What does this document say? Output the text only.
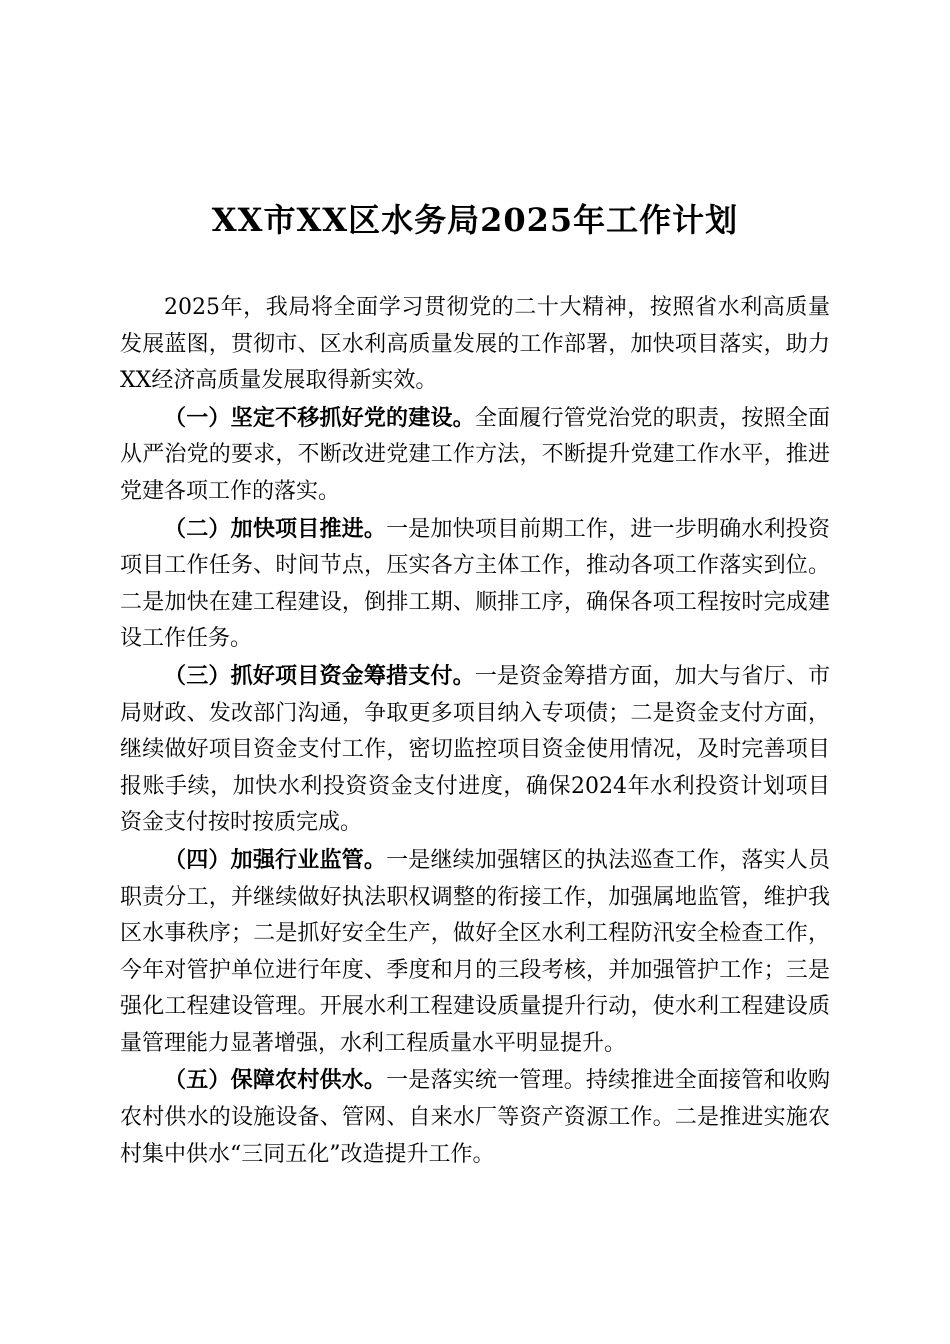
XX市XX区水务局2025年工作计划

2025年，我局将全面学习贯彻党的二十大精神，按照省水利高质量发展蓝图，贯彻市、区水利高质量发展的工作部署，加快项目落实，助力XX经济高质量发展取得新实效。

（一）坚定不移抓好党的建设。全面履行管党治党的职责，按照全面从严治党的要求，不断改进党建工作方法，不断提升党建工作水平，推进党建各项工作的落实。

（二）加快项目推进。一是加快项目前期工作，进一步明确水利投资项目工作任务、时间节点，压实各方主体工作，推动各项工作落实到位。二是加快在建工程建设，倒排工期、顺排工序，确保各项工程按时完成建设工作任务。

（三）抓好项目资金筹措支付。一是资金筹措方面，加大与省厅、市局财政、发改部门沟通，争取更多项目纳入专项债；二是资金支付方面，继续做好项目资金支付工作，密切监控项目资金使用情况，及时完善项目报账手续，加快水利投资资金支付进度，确保2024年水利投资计划项目资金支付按时按质完成。

（四）加强行业监管。一是继续加强辖区的执法巡查工作，落实人员职责分工，并继续做好执法职权调整的衔接工作，加强属地监管，维护我区水事秩序；二是抓好安全生产，做好全区水利工程防汛安全检查工作，今年对管护单位进行年度、季度和月的三段考核，并加强管护工作；三是强化工程建设管理。开展水利工程建设质量提升行动，使水利工程建设质量管理能力显著增强，水利工程质量水平明显提升。

（五）保障农村供水。一是落实统一管理。持续推进全面接管和收购农村供水的设施设备、管网、自来水厂等资产资源工作。二是推进实施农村集中供水“三同五化”改造提升工作。
